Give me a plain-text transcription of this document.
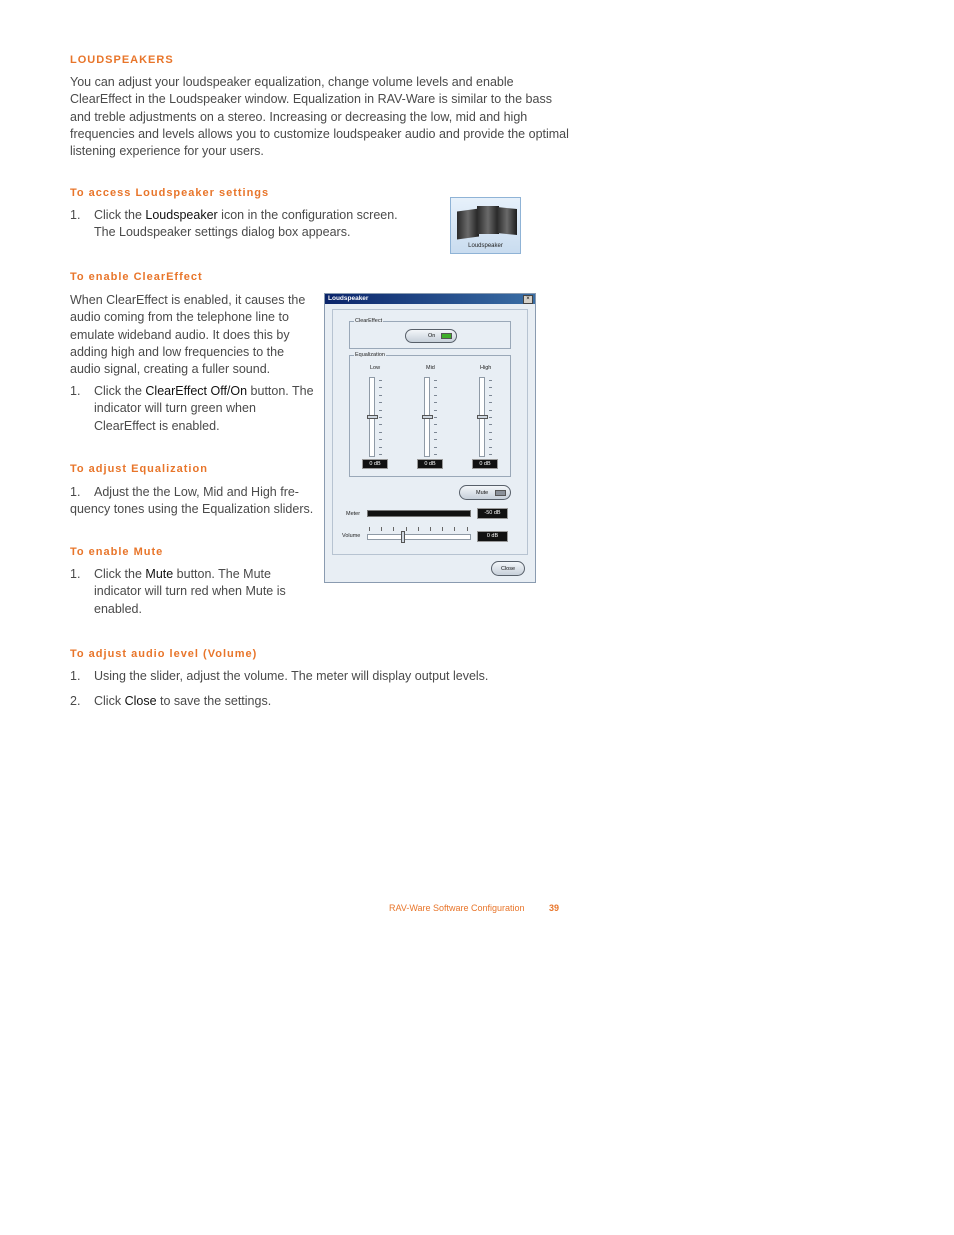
LOUDSPEAKERS
You can adjust your loudspeaker equalization, change volume levels and enable
ClearEffect in the Loudspeaker window. Equalization in RAV-Ware is similar to the bass
and treble adjustments on a stereo. Increasing or decreasing the low, mid and high
frequencies and levels allows you to customize loudspeaker audio and provide the optimal
listening experience for your users.
To access Loudspeaker settings
1. Click the Loudspeaker icon in the configuration screen.
The Loudspeaker settings dialog box appears.
Loudspeaker
To enable ClearEffect
When ClearEffect is enabled, it causes the
audio coming from the telephone line to
emulate wideband audio. It does this by
adding high and low frequencies to the
audio signal, creating a fuller sound.
1. Click the ClearEffect Off/On button. The
indicator will turn green when
ClearEffect is enabled.
To adjust Equalization
1. Adjust the the Low, Mid and High fre-
quency tones using the Equalization sliders.
To enable Mute
1. Click the Mute button. The Mute
indicator will turn red when Mute is
enabled.
To adjust audio level (Volume)
1. Using the slider, adjust the volume. The meter will display output levels.
2. Click Close to save the settings.
Loudspeaker	×
ClearEffect
On
Equalization
Low	Mid	High
0 dB	0 dB	0 dB
Mute
Meter	-50 dB
Volume	0 dB
Close
RAV-Ware Software Configuration	39
